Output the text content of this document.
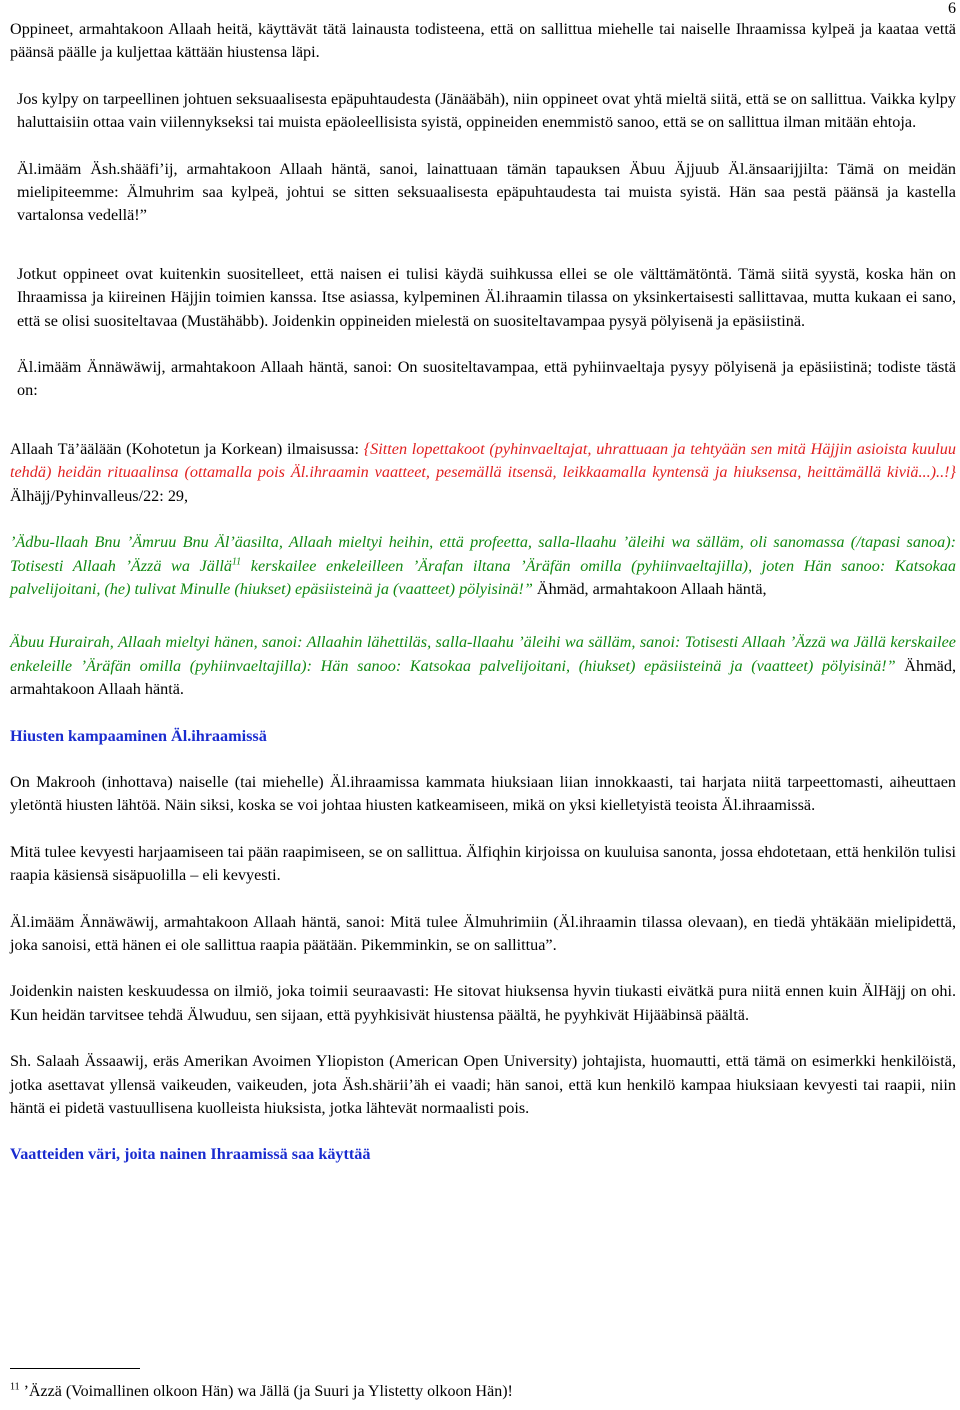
6

Oppineet, armahtakoon Allaah heitä, käyttävät tätä lainausta todisteena, että on sallittua miehelle tai naiselle Ihraamissa kylpeä ja kaataa vettä päänsä päälle ja kuljettaa kättään hiustensa läpi.

Jos kylpy on tarpeellinen johtuen seksuaalisesta epäpuhtaudesta (Jänääbäh), niin oppineet ovat yhtä mieltä siitä, että se on sallittua. Vaikka kylpy haluttaisiin ottaa vain viilennykseksi tai muista epäoleellisista syistä, oppineiden enemmistö sanoo, että se on sallittua ilman mitään ehtoja.

Äl.imääm Äsh.shääfi’ij, armahtakoon Allaah häntä, sanoi, lainattuaan tämän tapauksen Äbuu Äjjuub Äl.änsaarijjilta: Tämä on meidän mielipiteemme: Älmuhrim saa kylpeä, johtui se sitten seksuaalisesta epäpuhtaudesta tai muista syistä. Hän saa pestä päänsä ja kastella vartalonsa vedellä!”

Jotkut oppineet ovat kuitenkin suositelleet, että naisen ei tulisi käydä suihkussa ellei se ole välttämätöntä. Tämä siitä syystä, koska hän on Ihraamissa ja kiireinen Häjjin toimien kanssa. Itse asiassa, kylpeminen Äl.ihraamin tilassa on yksinkertaisesti sallittavaa, mutta kukaan ei sano, että se olisi suositeltavaa (Mustähäbb). Joidenkin oppineiden mielestä on suositeltavampaa pysyä pölyisenä ja epäsiistinä.

Äl.imääm Ännäwäwij, armahtakoon Allaah häntä, sanoi: On suositeltavampaa, että pyhiinvaeltaja pysyy pölyisenä ja epäsiistinä; todiste tästä on:

Allaah Tä’äälään (Kohotetun ja Korkean) ilmaisussa: {Sitten lopettakoot (pyhinvaeltajat, uhrattuaan ja tehtyään sen mitä Häjjin asioista kuuluu tehdä) heidän rituaalinsa (ottamalla pois Äl.ihraamin vaatteet, pesemällä itsensä, leikkaamalla kyntensä ja hiuksensa, heittämällä kiviä...)..!} Älhäjj/Pyhinvalleus/22: 29,

’Ädbu-llaah Bnu ’Ämruu Bnu Äl’äasilta, Allaah mieltyi heihin, että profeetta, salla-llaahu ’äleihi wa sälläm, oli sanomassa (/tapasi sanoa): Totisesti Allaah ’Äzzä wa Jällä$^{11}$ kerskailee enkeleilleen ’Ärafan iltana ’Äräfän omilla (pyhiinvaeltajilla), joten Hän sanoo: Katsokaa palvelijoitani, (he) tulivat Minulle (hiukset) epäsiisteinä ja (vaatteet) pölyisinä!” Ähmäd, armahtakoon Allaah häntä,

Äbuu Hurairah, Allaah mieltyi hänen, sanoi: Allaahin lähettiläs, salla-llaahu ’äleihi wa sälläm, sanoi: Totisesti Allaah ’Äzzä wa Jällä kerskailee enkeleille ’Äräfän omilla (pyhiinvaeltajilla): Hän sanoo: Katsokaa palvelijoitani, (hiukset) epäsiisteinä ja (vaatteet) pölyisinä!” Ähmäd, armahtakoon Allaah häntä.

Hiusten kampaaminen Äl.ihraamissä

On Makrooh (inhottava) naiselle (tai miehelle) Äl.ihraamissa kammata hiuksiaan liian innokkaasti, tai harjata niitä tarpeettomasti, aiheuttaen yletöntä hiusten lähtöä. Näin siksi, koska se voi johtaa hiusten katkeamiseen, mikä on yksi kielletyistä teoista Äl.ihraamissä.

Mitä tulee kevyesti harjaamiseen tai pään raapimiseen, se on sallittua. Älfiqhin kirjoissa on kuuluisa sanonta, jossa ehdotetaan, että henkilön tulisi raapia käsiensä sisäpuolilla – eli kevyesti.

Äl.imääm Ännäwäwij, armahtakoon Allaah häntä, sanoi: Mitä tulee Älmuhrimiin (Äl.ihraamin tilassa olevaan), en tiedä yhtäkään mielipidettä, joka sanoisi, että hänen ei ole sallittua raapia päätään. Pikemminkin, se on sallittua”.

Joidenkin naisten keskuudessa on ilmiö, joka toimii seuraavasti: He sitovat hiuksensa hyvin tiukasti eivätkä pura niitä ennen kuin ÄlHäjj on ohi. Kun heidän tarvitsee tehdä Älwuduu, sen sijaan, että pyyhkisivät hiustensa päältä, he pyyhkivät Hijääbinsä päältä.

Sh. Salaah Ässaawij, eräs Amerikan Avoimen Yliopiston (American Open University) johtajista, huomautti, että tämä on esimerkki henkilöistä, jotka asettavat yllensä vaikeuden, vaikeuden, jota Äsh.shärii’äh ei vaadi; hän sanoi, että kun henkilö kampaa hiuksiaan kevyesti tai raapii, niin häntä ei pidetä vastuullisena kuolleista hiuksista, jotka lähtevät normaalisti pois.

Vaatteiden väri, joita nainen Ihraamissä saa käyttää

$^{11}$ ’Äzzä (Voimallinen olkoon Hän) wa Jällä (ja Suuri ja Ylistetty olkoon Hän)!
